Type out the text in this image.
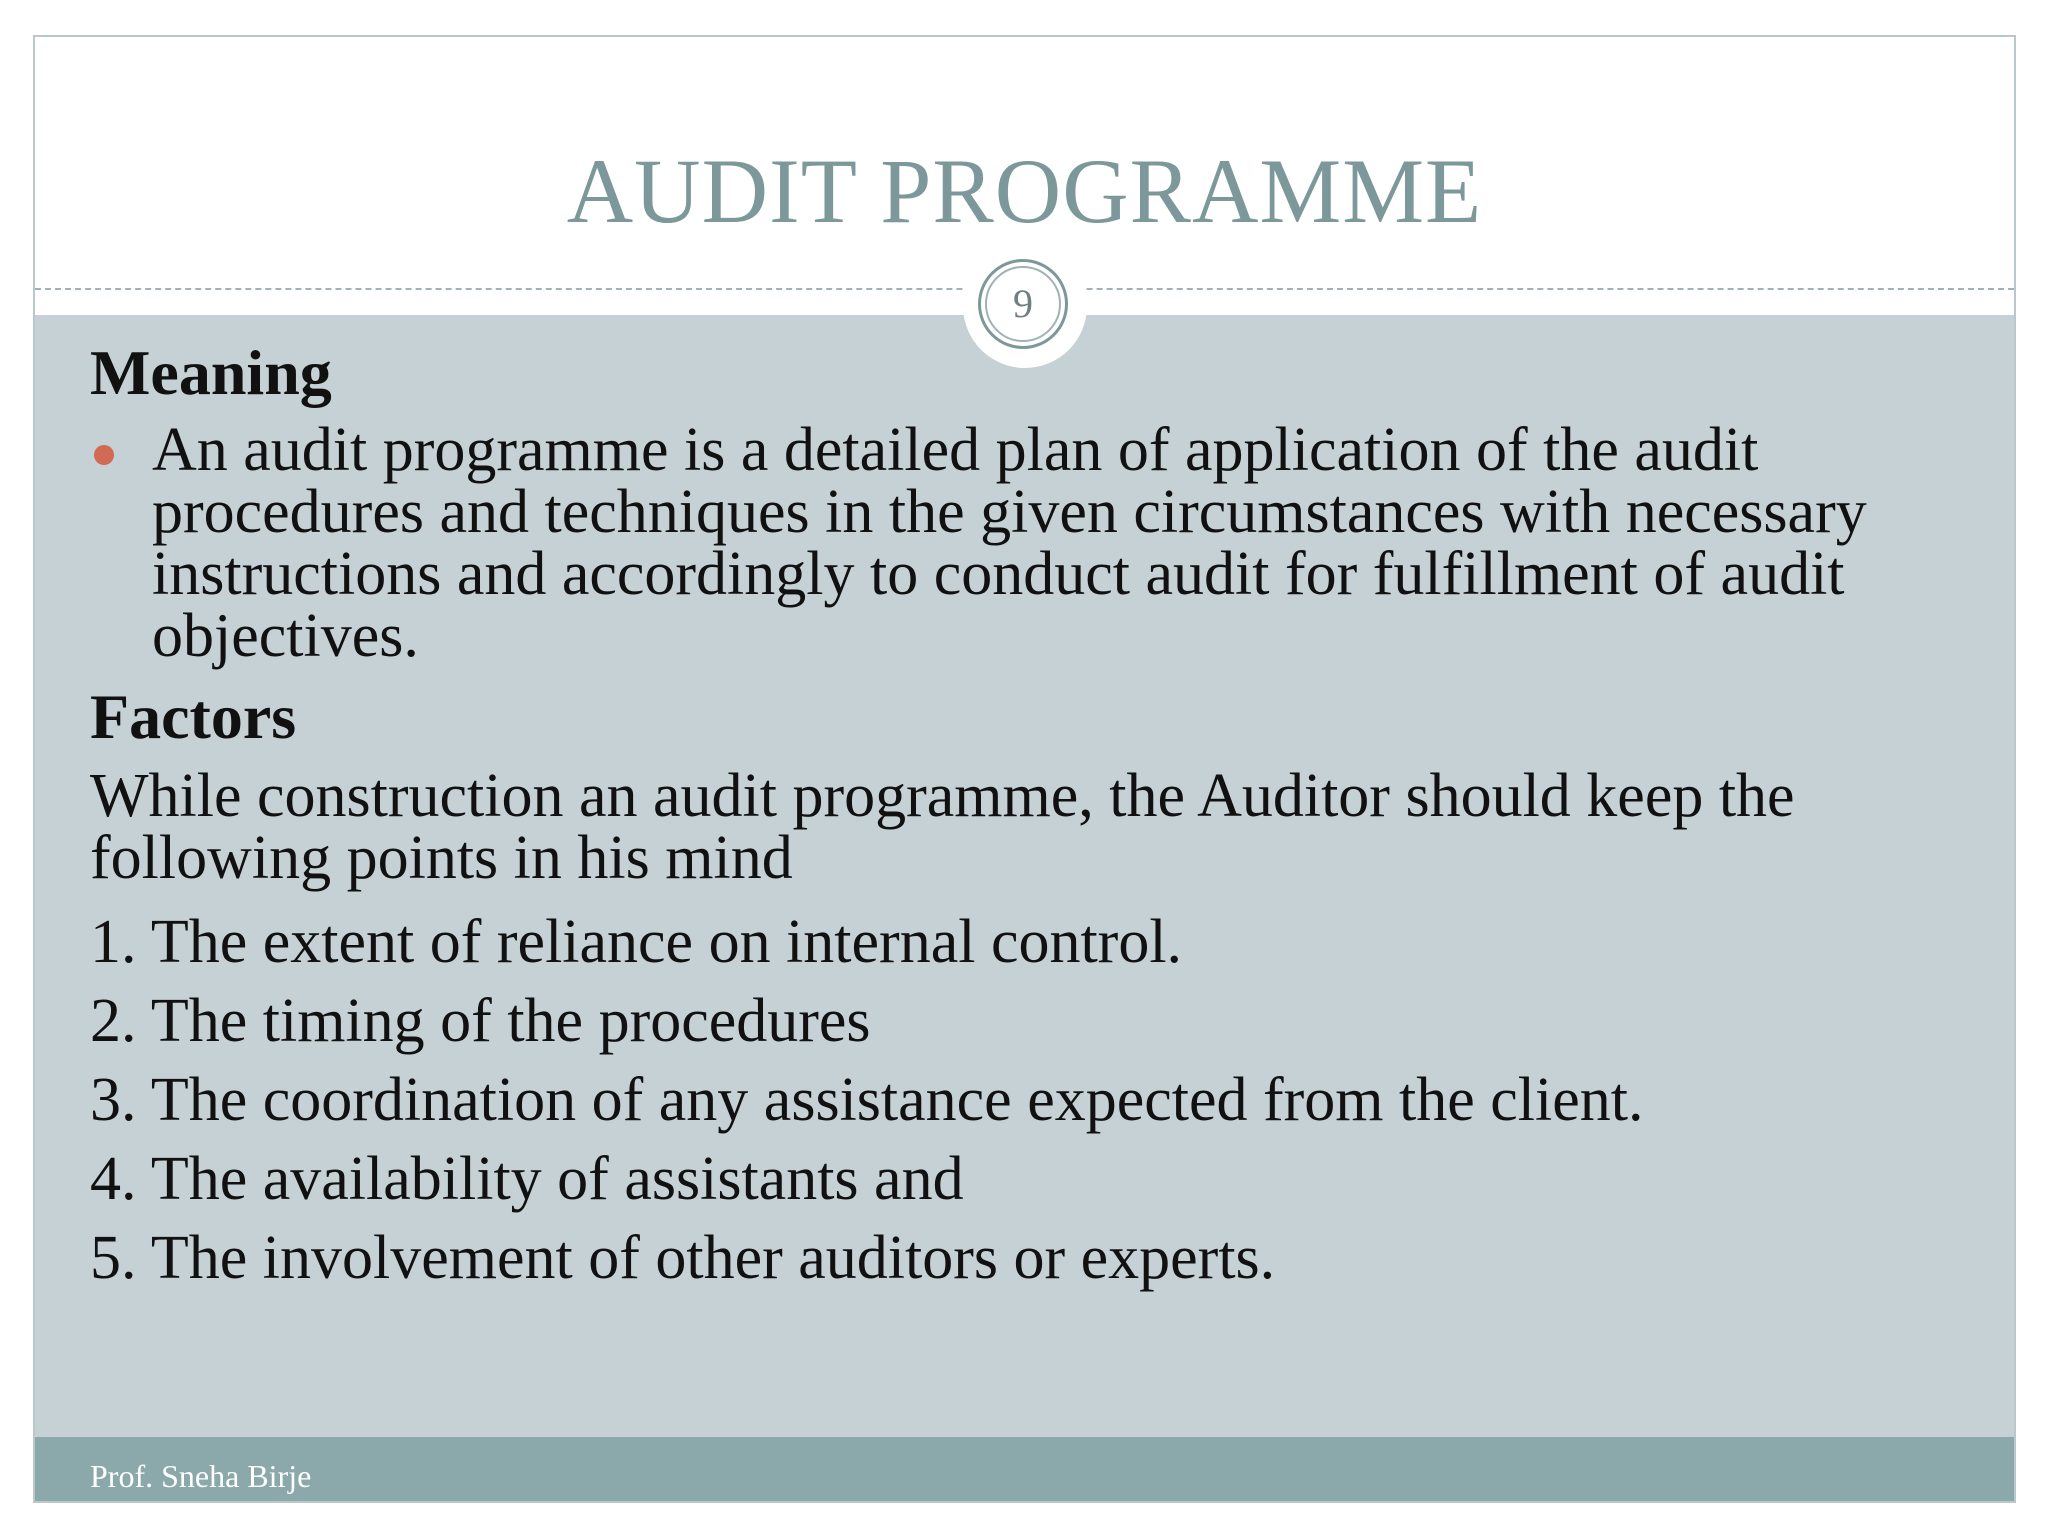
AUDIT PROGRAMME
9
Meaning
An audit programme is a detailed plan of application of the audit procedures and techniques in the given circumstances with necessary instructions and accordingly to conduct audit for fulfillment of audit objectives.
Factors

While construction an audit programme, the Auditor should keep the following points in his mind

1. The extent of reliance on internal control.
2. The timing of the procedures
3. The coordination of any assistance expected from the client.
4. The availability of assistants and
5. The involvement of other auditors or experts.
Prof. Sneha Birje
